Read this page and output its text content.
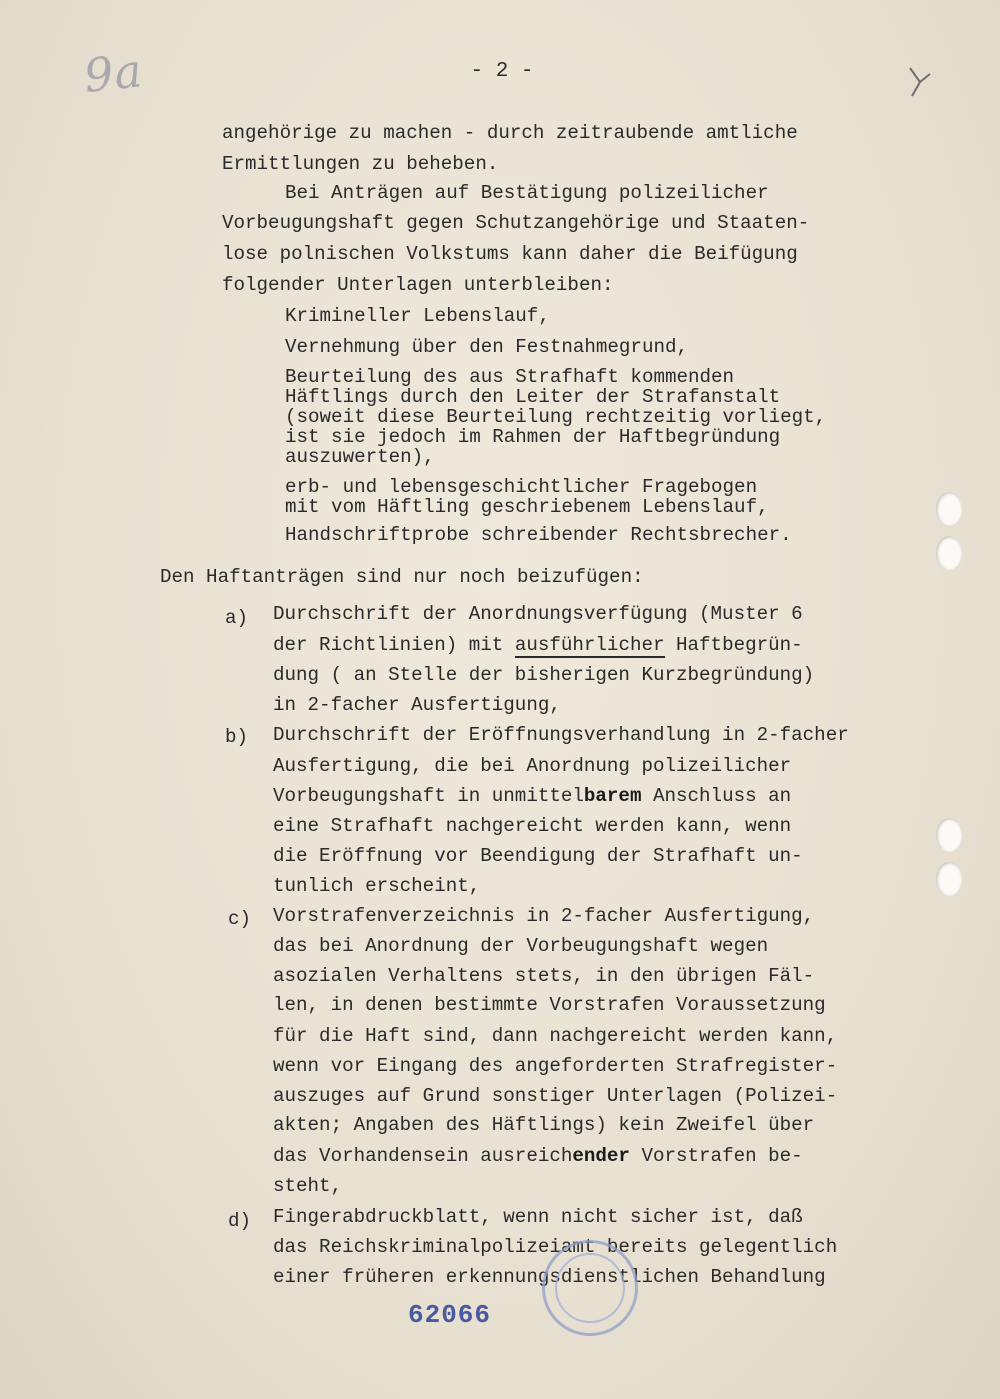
9a	- 2 -
angehörige zu machen - durch zeitraubende amtliche
Ermittlungen zu beheben.
Bei Anträgen auf Bestätigung polizeilicher
Vorbeugungshaft gegen Schutzangehörige und Staaten-
lose polnischen Volkstums kann daher die Beifügung
folgender Unterlagen unterbleiben:
Krimineller Lebenslauf,
Vernehmung über den Festnahmegrund,
Beurteilung des aus Strafhaft kommenden
Häftlings durch den Leiter der Strafanstalt
(soweit diese Beurteilung rechtzeitig vorliegt,
ist sie jedoch im Rahmen der Haftbegründung
auszuwerten),
erb- und lebensgeschichtlicher Fragebogen
mit vom Häftling geschriebenem Lebenslauf,
Handschriftprobe schreibender Rechtsbrecher.
Den Haftanträgen sind nur noch beizufügen:
a) Durchschrift der Anordnungsverfügung (Muster 6
der Richtlinien) mit ausführlicher Haftbegrün-
dung ( an Stelle der bisherigen Kurzbegründung)
in 2-facher Ausfertigung,
b) Durchschrift der Eröffnungsverhandlung in 2-facher
Ausfertigung, die bei Anordnung polizeilicher
Vorbeugungshaft in unmittelbarem Anschluss an
eine Strafhaft nachgereicht werden kann, wenn
die Eröffnung vor Beendigung der Strafhaft un-
tunlich erscheint,
c) Vorstrafenverzeichnis in 2-facher Ausfertigung,
das bei Anordnung der Vorbeugungshaft wegen
asozialen Verhaltens stets, in den übrigen Fäl-
len, in denen bestimmte Vorstrafen Voraussetzung
für die Haft sind, dann nachgereicht werden kann,
wenn vor Eingang des angeforderten Strafregister-
auszuges auf Grund sonstiger Unterlagen (Polizei-
akten; Angaben des Häftlings) kein Zweifel über
das Vorhandensein ausreichender Vorstrafen be-
steht,
d) Fingerabdruckblatt, wenn nicht sicher ist, daß
das Reichskriminalpolizeiamt bereits gelegentlich
einer früheren erkennungsdienstlichen Behandlung
62066
